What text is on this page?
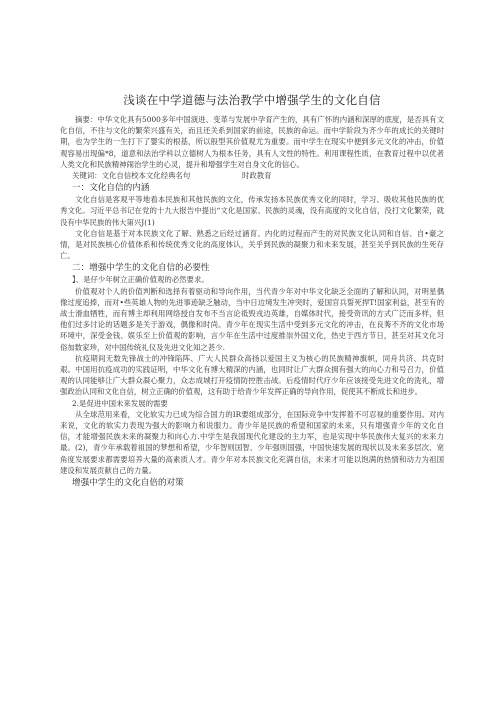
浅谈在中学道德与法治教学中增强学生的文化自信

摘要：中华文化具有5000多年中国演进、变革与发展中孕育产生的，具有广怀的内涵和深厚的底度，是否具有文化自信，不往与文化的繁荣兴盛有关，而且还关系到国家的前途，民族的命运。而中学阶段为齐少年的成长的关键时期，也为学生的一生打下了婴实的根基，所以般型其价值观尤为重要。而中学生在现实中便到多元文化的冲击，价值观容易出现偏*8，道意和法治学科以立德树人为根本任务，具有人文性的特性。利用课程性质，在教育过程中以优者人类文化和民族精神闹治学生的心灵，提升和增强学生对自身文化的信心。

关键词：文化自信校本文化经典名句　　　　　　　时政教育

一：文化自信的内涵

文化自信是客观平等地看本民族和其他民族的文化，传承发扬本民族优秀文化的同时，学习、吸收其他民族的优秀文化。习近平总书记在党的十九大报告中提出“文化是国家、民族的灵魂，没有高度的文化自信，没打文化繁荣，就没有中华民族的伟大第兴J(1)

文化自信是基于对本民族文化了解、熟悉之后经过涵育、内化的过程而产生的对民族文化认同和自信、自•豪之情，是对民族核心价值体系和传统优秀文化的高度体认，关乎到民族的凝聚力和未来发展，甚至关乎到民族的生死存亡。

二：增强中学生的文化自信的必要性
】、是仔少年树立正确价值观的必然要求。

价值观对个人的价值判断和选择有着驱动和导向作用，当代青少年对中华文化缺乏全面的了解和认同，对明星偶像过度追捧，而对•些英雄人物的先进事迹缺乏触动，当中日边境发生冲突时，爱国官兵誓死捍T!国家利益，甚至有的战士滑血牺牲，而有博主却利用网络授自发布不当言论祗毁戎边英雄，自媒体时代，接受资讯的方式广泛而多样，但他们过多讨论的话题多是关于游戏，偶像和时尚。青少年在现实生活中受到多元文化的冲击，在良莠不齐的文化市场环境中，深受金钱、娱乐至上价值观的影响，言少年在生活中过度推崇外国文化，热史于西方节日，甚至对其文化习俗加数家珍，对中国传统礼仪及先进文化知之甚少.

抗疫期间无数先锋战士的冲锋陷阵、广大人民群众高扬以爱国主义为核心的民族精神旗帜，同舟共济、共克时艰。中国用抗疫成功的实践证明，中华文化有博大精深的内涵，也同时让广大群众拥有强大的向心力和号召力，价值观的认同能够让广大群众凝心聚力，众志成城打开疫情防控胜击战。后疫情时代疗少年应该接受先进文化的洗礼，增强政治认同和文化自信，树立正确的价值观，这有助于给青少年发挥正确的导向作用，促使其不断成长和进步。

2.是促进中国未来发展的需要

从全球范用来看，文化软实力已成为综合国力的IR要组成部分，在国际竞争中发挥着不可忍视的重要作用。对内来说，文化的软实力表现为强大的影响力和说服力。青少年是民族的希望和国家的未来，只有增强青少年的文化自信，才能增强民族未来的凝聚力和向心力.中学生是我国现代化建设的主力军，也是实现中华民族伟大复兴的未来力最。(2)，青少年承载着祖国的梦想和希望，少年智则国智、少年强则国强，中国快速发展的现状以及未来多层次、宽角度发展要求都需要培养大量的高素质人才。青少年对本民族文化充满自信，未来才可能以饱满的热情和动力为祖国建设和发展贡献自己的力量。

增强中学生的文化自倍的对策
